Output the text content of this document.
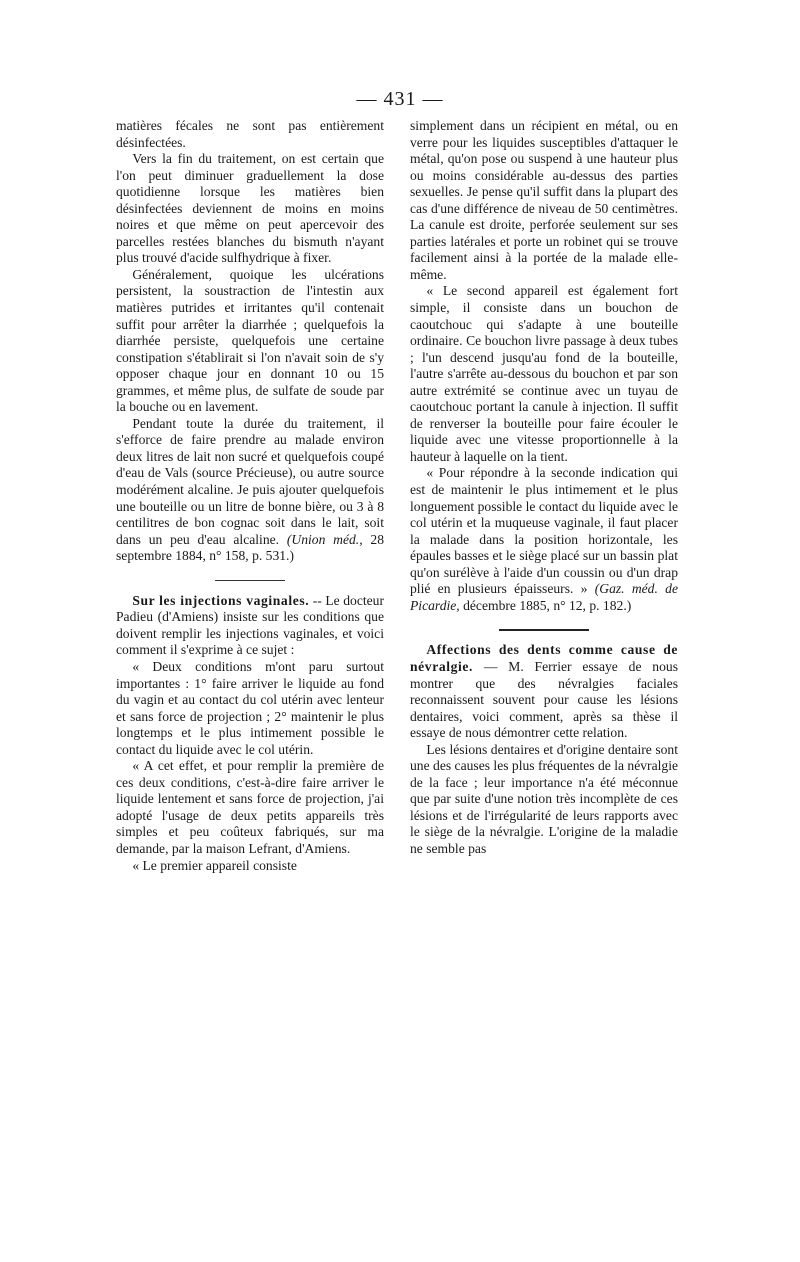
— 431 —

matières fécales ne sont pas entièrement désinfectées.

Vers la fin du traitement, on est certain que l'on peut diminuer graduellement la dose quotidienne lorsque les matières bien désinfectées deviennent de moins en moins noires et que même on peut apercevoir des parcelles restées blanches du bismuth n'ayant plus trouvé d'acide sulfhydrique à fixer.

Généralement, quoique les ulcérations persistent, la soustraction de l'intestin aux matières putrides et irritantes qu'il contenait suffit pour arrêter la diarrhée ; quelquefois la diarrhée persiste, quelquefois une certaine constipation s'établirait si l'on n'avait soin de s'y opposer chaque jour en donnant 10 ou 15 grammes, et même plus, de sulfate de soude par la bouche ou en lavement.

Pendant toute la durée du traitement, il s'efforce de faire prendre au malade environ deux litres de lait non sucré et quelquefois coupé d'eau de Vals (source Précieuse), ou autre source modérément alcaline. Je puis ajouter quelquefois une bouteille ou un litre de bonne bière, ou 3 à 8 centilitres de bon cognac soit dans le lait, soit dans un peu d'eau alcaline. (Union méd., 28 septembre 1884, n° 158, p. 531.)

Sur les injections vaginales. -- Le docteur Padieu (d'Amiens) insiste sur les conditions que doivent remplir les injections vaginales, et voici comment il s'exprime à ce sujet :

« Deux conditions m'ont paru surtout importantes : 1° faire arriver le liquide au fond du vagin et au contact du col utérin avec lenteur et sans force de projection ; 2° maintenir le plus longtemps et le plus intimement possible le contact du liquide avec le col utérin.

« A cet effet, et pour remplir la première de ces deux conditions, c'est-à-dire faire arriver le liquide lentement et sans force de projection, j'ai adopté l'usage de deux petits appareils très simples et peu coûteux fabriqués, sur ma demande, par la maison Lefrant, d'Amiens.

« Le premier appareil consiste

simplement dans un récipient en métal, ou en verre pour les liquides susceptibles d'attaquer le métal, qu'on pose ou suspend à une hauteur plus ou moins considérable au-dessus des parties sexuelles. Je pense qu'il suffit dans la plupart des cas d'une différence de niveau de 50 centimètres. La canule est droite, perforée seulement sur ses parties latérales et porte un robinet qui se trouve facilement ainsi à la portée de la malade elle-même.

« Le second appareil est également fort simple, il consiste dans un bouchon de caoutchouc qui s'adapte à une bouteille ordinaire. Ce bouchon livre passage à deux tubes ; l'un descend jusqu'au fond de la bouteille, l'autre s'arrête au-dessous du bouchon et par son autre extrémité se continue avec un tuyau de caoutchouc portant la canule à injection. Il suffit de renverser la bouteille pour faire écouler le liquide avec une vitesse proportionnelle à la hauteur à laquelle on la tient.

« Pour répondre à la seconde indication qui est de maintenir le plus intimement et le plus longuement possible le contact du liquide avec le col utérin et la muqueuse vaginale, il faut placer la malade dans la position horizontale, les épaules basses et le siège placé sur un bassin plat qu'on surélève à l'aide d'un coussin ou d'un drap plié en plusieurs épaisseurs. » (Gaz. méd. de Picardie, décembre 1885, n° 12, p. 182.)

Affections des dents comme cause de névralgie. — M. Ferrier essaye de nous montrer que des névralgies faciales reconnaissent souvent pour cause les lésions dentaires, voici comment, après sa thèse il essaye de nous démontrer cette relation.

Les lésions dentaires et d'origine dentaire sont une des causes les plus fréquentes de la névralgie de la face ; leur importance n'a été méconnue que par suite d'une notion très incomplète de ces lésions et de l'irrégularité de leurs rapports avec le siège de la névralgie. L'origine de la maladie ne semble pas
